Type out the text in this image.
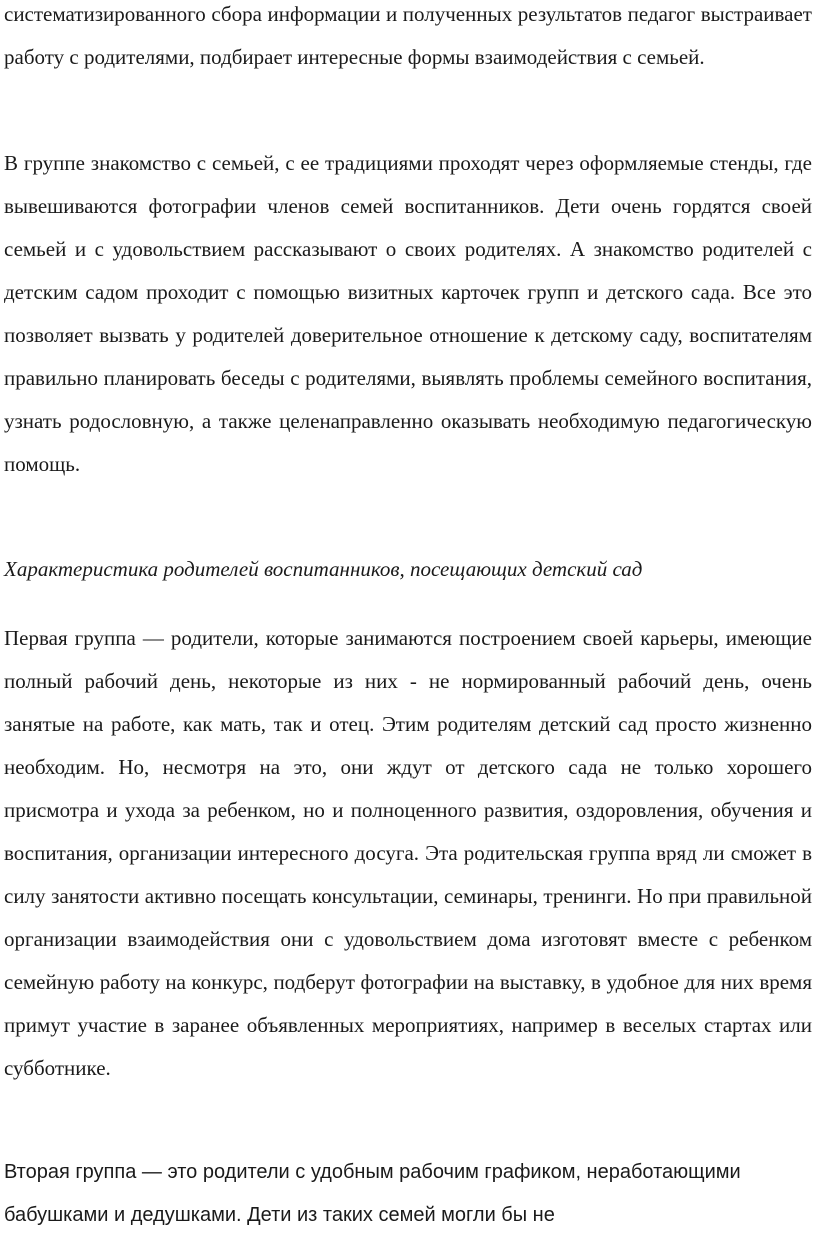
систематизированного сбора информации и полученных результатов педагог выстраивает работу с родителями, подбирает интересные формы взаимодействия с семьей.

В группе знакомство с семьей, с ее традициями проходят через оформляемые стенды, где вывешиваются фотографии членов семей воспитанников. Дети очень гордятся своей семьей и с удовольствием рассказывают о своих родителях. А знакомство родителей с детским садом проходит с помощью визитных карточек групп и детского сада. Все это позволяет вызвать у родителей доверительное отношение к детскому саду, воспитателям правильно планировать беседы с родителями, выявлять проблемы семейного воспитания, узнать родословную, а также целенаправленно оказывать необходимую педагогическую помощь.

Характеристика родителей воспитанников, посещающих детский сад

Первая группа — родители, которые занимаются построением своей карьеры, имеющие полный рабочий день, некоторые из них - не нормированный рабочий день, очень занятые на работе, как мать, так и отец. Этим родителям детский сад просто жизненно необходим. Но, несмотря на это, они ждут от детского сада не только хорошего присмотра и ухода за ребенком, но и полноценного развития, оздоровления, обучения и воспитания, организации интересного досуга. Эта родительская группа вряд ли сможет в силу занятости активно посещать консультации, семинары, тренинги. Но при правильной организации взаимодействия они с удовольствием дома изготовят вместе с ребенком семейную работу на конкурс, подберут фотографии на выставку, в удобное для них время примут участие в заранее объявленных мероприятиях, например в веселых стартах или субботнике.

Вторая группа — это родители с удобным рабочим графиком, неработающими бабушками и дедушками. Дети из таких семей могли бы не
